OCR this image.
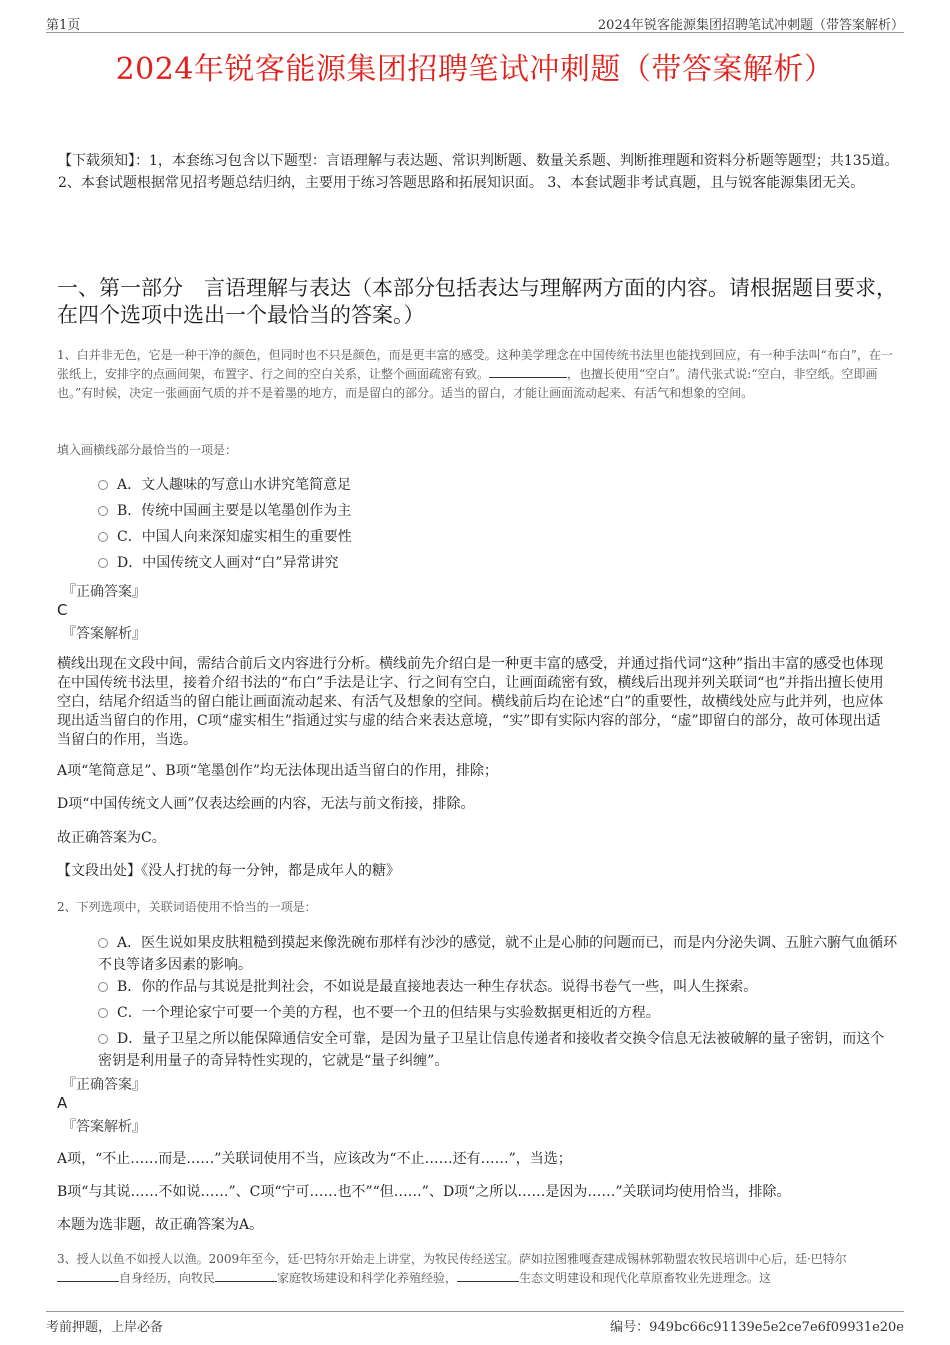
第1页	2024年锐客能源集团招聘笔试冲刺题（带答案解析）
2024年锐客能源集团招聘笔试冲刺题（带答案解析）
【下载须知】：1，本套练习包含以下题型：言语理解与表达题、常识判断题、数量关系题、判断推理题和资料分析题等题型；共135道。 2、本套试题根据常见招考题总结归纳，主要用于练习答题思路和拓展知识面。 3、本套试题非考试真题，且与锐客能源集团无关。
一、第一部分　言语理解与表达（本部分包括表达与理解两方面的内容。请根据题目要求，在四个选项中选出一个最恰当的答案。）
1、白并非无色，它是一种干净的颜色，但同时也不只是颜色，而是更丰富的感受。这种美学理念在中国传统书法里也能找到回应，有一种手法叫“布白”，在一张纸上，安排字的点画间架，布置字、行之间的空白关系，让整个画面疏密有致。	，也擅长使用“空白”。清代张式说:“空白，非空纸。空即画也。”有时候，决定一张画面气质的并不是着墨的地方，而是留白的部分。适当的留白，才能让画面流动起来、有活气和想象的空间。
填入画横线部分最恰当的一项是：
A．文人趣味的写意山水讲究笔简意足
B．传统中国画主要是以笔墨创作为主
C．中国人向来深知虚实相生的重要性
D．中国传统文人画对“白”异常讲究
『正确答案』
C
『答案解析』
横线出现在文段中间，需结合前后文内容进行分析。横线前先介绍白是一种更丰富的感受，并通过指代词“这种”指出丰富的感受也体现在中国传统书法里，接着介绍书法的“布白”手法是让字、行之间有空白，让画面疏密有致，横线后出现并列关联词“也”并指出擅长使用空白，结尾介绍适当的留白能让画面流动起来、有活气及想象的空间。横线前后均在论述“白”的重要性，故横线处应与此并列，也应体现出适当留白的作用，C项“虚实相生”指通过实与虚的结合来表达意境，“实”即有实际内容的部分，“虚”即留白的部分，故可体现出适当留白的作用，当选。
A项“笔简意足”、B项“笔墨创作”均无法体现出适当留白的作用，排除；
D项“中国传统文人画”仅表达绘画的内容，无法与前文衔接，排除。
故正确答案为C。
【文段出处】《没人打扰的每一分钟，都是成年人的糖》
2、下列选项中，关联词语使用不恰当的一项是：
A．医生说如果皮肤粗糙到摸起来像洗碗布那样有沙沙的感觉，就不止是心肺的问题而已，而是内分泌失调、五脏六腑气血循环不良等诸多因素的影响。
B．你的作品与其说是批判社会，不如说是最直接地表达一种生存状态。说得书卷气一些，叫人生探索。
C．一个理论家宁可要一个美的方程，也不要一个丑的但结果与实验数据更相近的方程。
D．量子卫星之所以能保障通信安全可靠，是因为量子卫星让信息传递者和接收者交换令信息无法被破解的量子密钥，而这个密钥是利用量子的奇异特性实现的，它就是“量子纠缠”。
『正确答案』
A
『答案解析』
A项，“不止……而是……”关联词使用不当，应该改为“不止……还有……”，当选；
B项“与其说……不如说……”、C项“宁可……也不”“但……”、D项“之所以……是因为……”关联词均使用恰当，排除。
本题为选非题，故正确答案为A。
3、授人以鱼不如授人以渔。2009年至今，廷·巴特尔开始走上讲堂，为牧民传经送宝。萨如拉图雅嘎查建成锡林郭勒盟农牧民培训中心后，廷·巴特尔自身经历，向牧民	家庭牧场建设和科学化养殖经验，	生态文明建设和现代化草原畜牧业先进理念。这
考前押题，上岸必备	编号：949bc66c91139e5e2ce7e6f09931e20e
